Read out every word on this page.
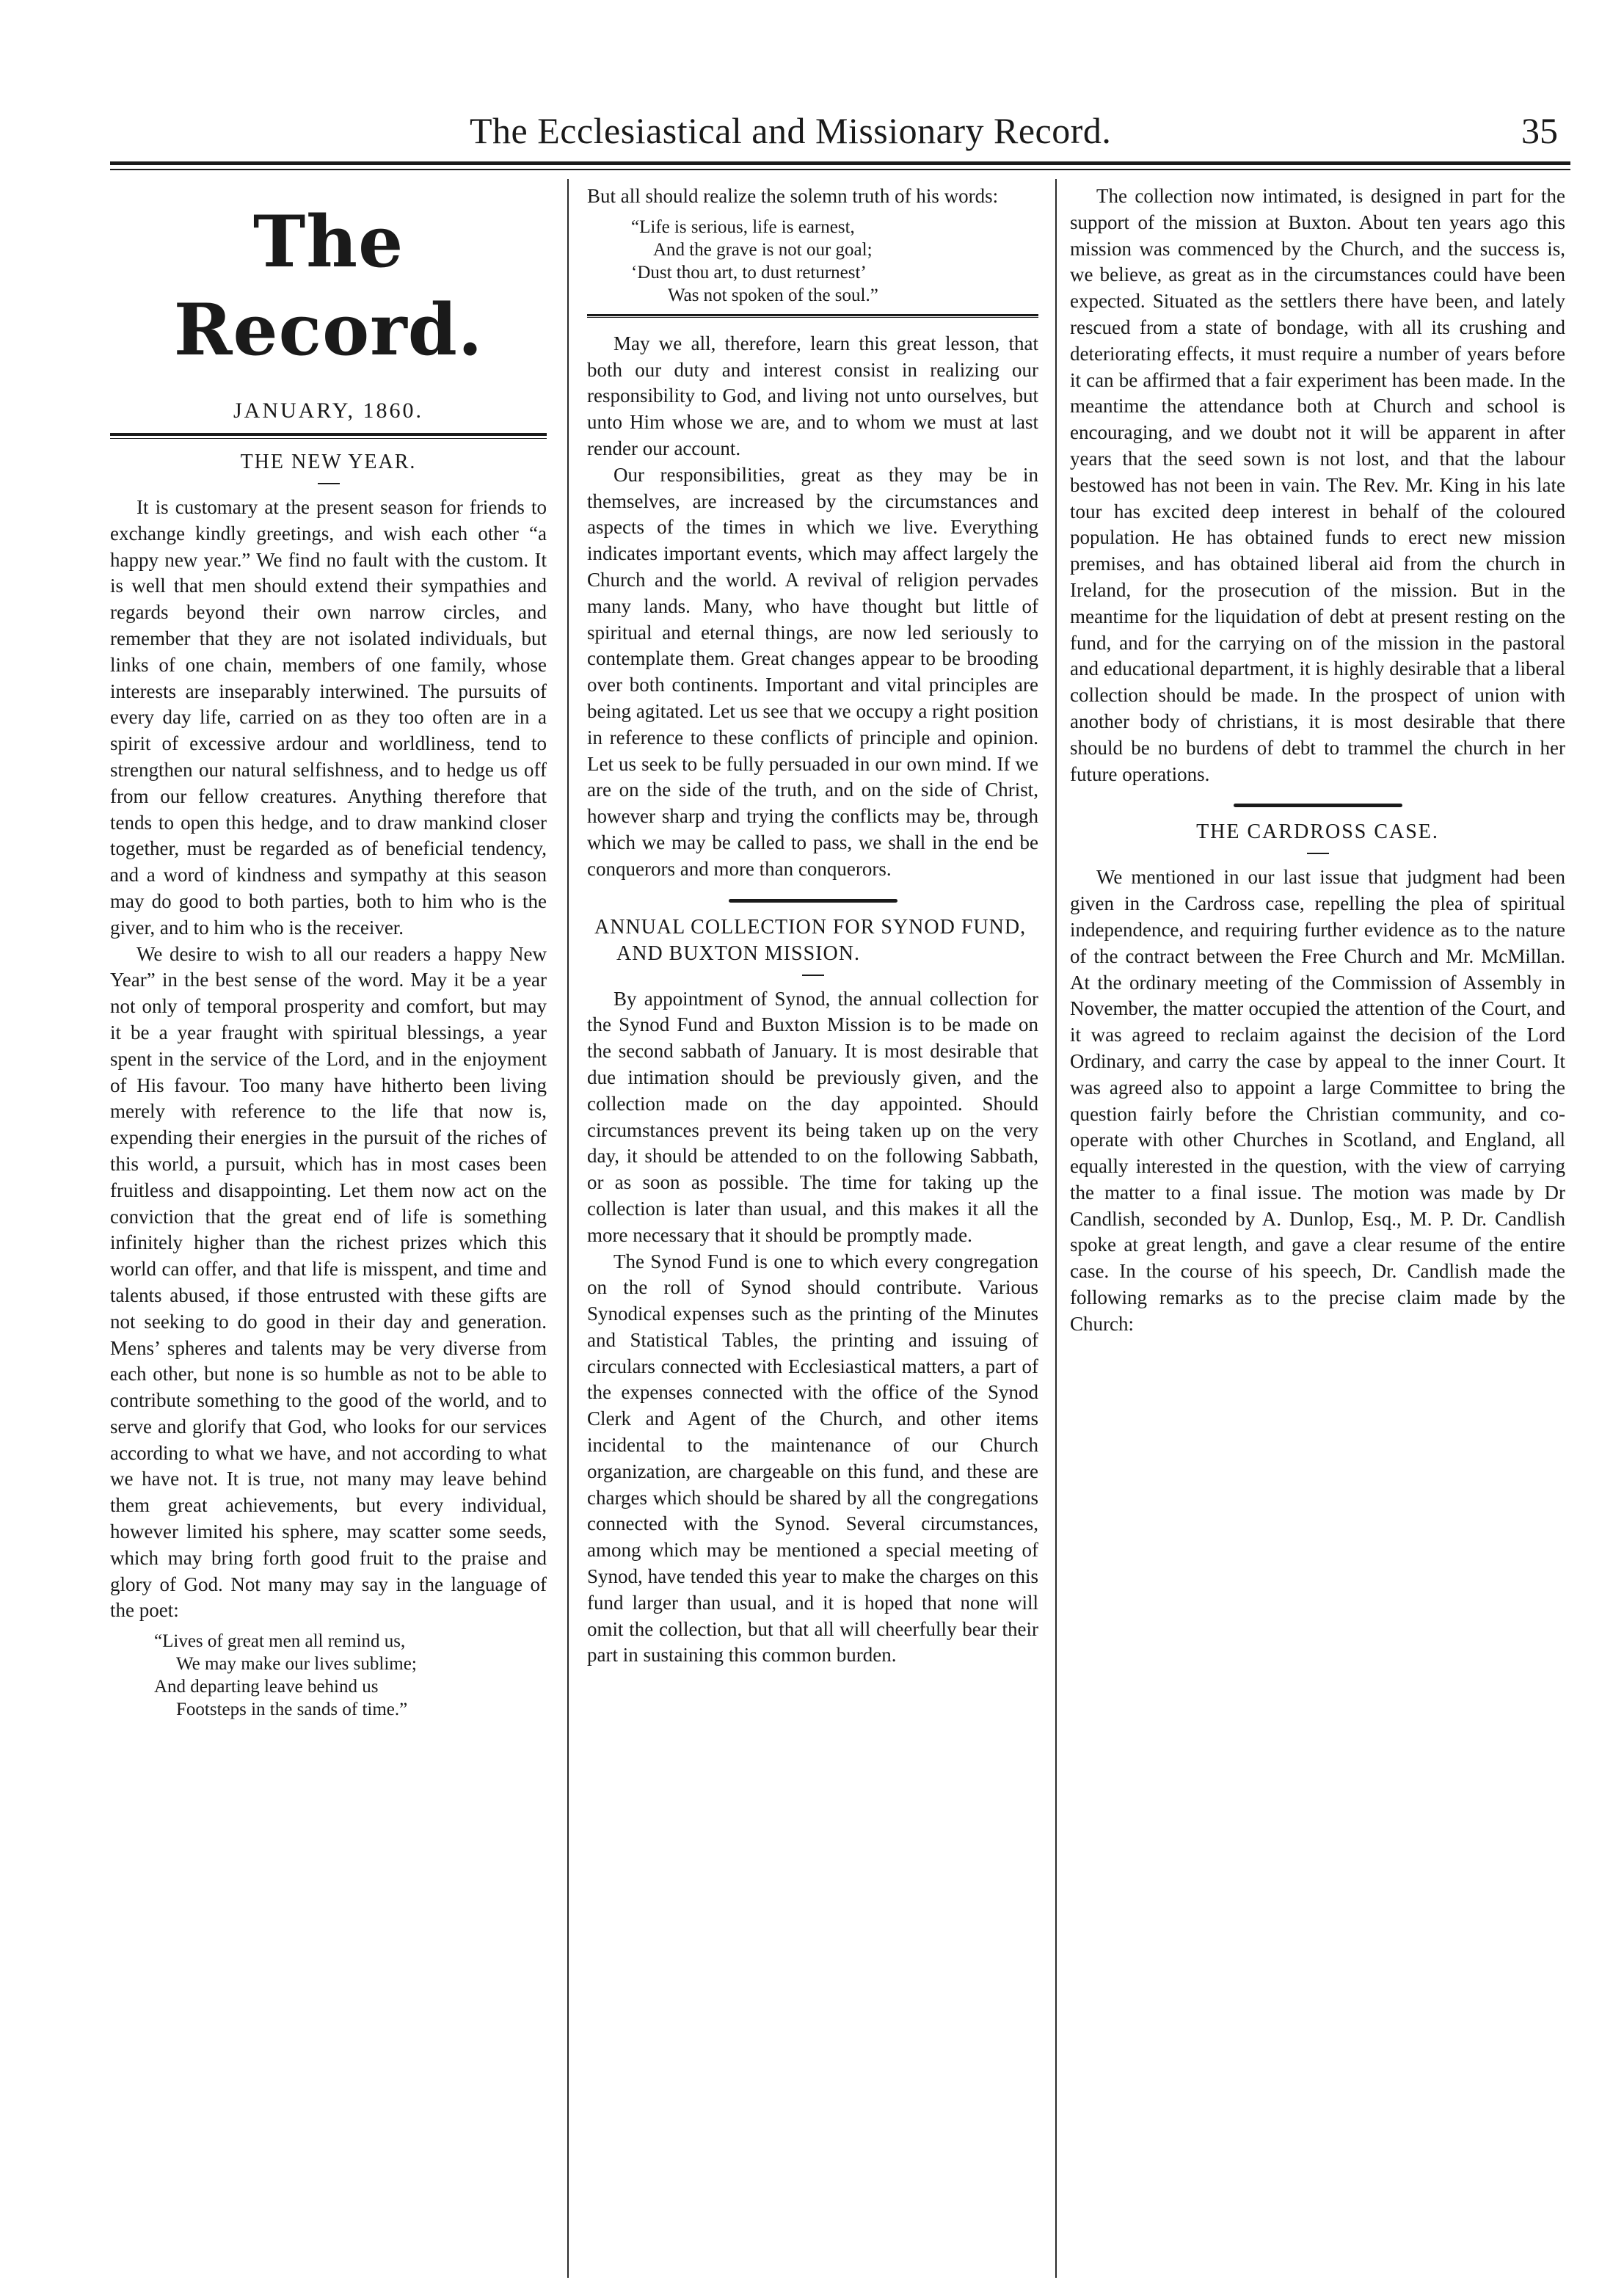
The Ecclesiastical and Missionary Record.	35
The Record.
JANUARY, 1860.
THE NEW YEAR.

It is customary at the present season for friends to exchange kindly greetings, and wish each other “a happy new year.” We find no fault with the custom. It is well that men should extend their sympathies and regards beyond their own narrow circles, and remember that they are not isolated individuals, but links of one chain, members of one family, whose interests are inseparably interwined. The pursuits of every day life, carried on as they too often are in a spirit of excessive ardour and worldliness, tend to strengthen our natural selfishness, and to hedge us off from our fellow creatures. Anything therefore that tends to open this hedge, and to draw mankind closer together, must be regarded as of beneficial tendency, and a word of kindness and sympathy at this season may do good to both parties, both to him who is the giver, and to him who is the receiver.

We desire to wish to all our readers a happy New Year” in the best sense of the word. May it be a year not only of temporal prosperity and comfort, but may it be a year fraught with spiritual blessings, a year spent in the service of the Lord, and in the enjoyment of His favour. Too many have hitherto been living merely with reference to the life that now is, expending their energies in the pursuit of the riches of this world, a pursuit, which has in most cases been fruitless and disappointing. Let them now act on the conviction that the great end of life is something infinitely higher than the richest prizes which this world can offer, and that life is misspent, and time and talents abused, if those entrusted with these gifts are not seeking to do good in their day and generation. Mens’ spheres and talents may be very diverse from each other, but none is so humble as not to be able to contribute something to the good of the world, and to serve and glorify that God, who looks for our services according to what we have, and not according to what we have not. It is true, not many may leave behind them great achievements, but every individual, however limited his sphere, may scatter some seeds, which may bring forth good fruit to the praise and glory of God. Not many may say in the language of the poet:

“Lives of great men all remind us,
We may make our lives sublime;
And departing leave behind us
Footsteps in the sands of time.”

But all should realize the solemn truth of his words:

“Life is serious, life is earnest,
And the grave is not our goal;
‘Dust thou art, to dust returnest’
Was not spoken of the soul.”

May we all, therefore, learn this great lesson, that both our duty and interest consist in realizing our responsibility to God, and living not unto ourselves, but unto Him whose we are, and to whom we must at last render our account.

Our responsibilities, great as they may be in themselves, are increased by the circumstances and aspects of the times in which we live. Everything indicates important events, which may affect largely the Church and the world. A revival of religion pervades many lands. Many, who have thought but little of spiritual and eternal things, are now led seriously to contemplate them. Great changes appear to be brooding over both continents. Important and vital principles are being agitated. Let us see that we occupy a right position in reference to these conflicts of principle and opinion. Let us seek to be fully persuaded in our own mind. If we are on the side of the truth, and on the side of Christ, however sharp and trying the conflicts may be, through which we may be called to pass, we shall in the end be conquerors and more than conquerors.

ANNUAL COLLECTION FOR SYNOD FUND, AND BUXTON MISSION.

By appointment of Synod, the annual collection for the Synod Fund and Buxton Mission is to be made on the second sabbath of January. It is most desirable that due intimation should be previously given, and the collection made on the day appointed. Should circumstances prevent its being taken up on the very day, it should be attended to on the following Sabbath, or as soon as possible. The time for taking up the collection is later than usual, and this makes it all the more necessary that it should be promptly made.

The Synod Fund is one to which every congregation on the roll of Synod should contribute. Various Synodical expenses such as the printing of the Minutes and Statistical Tables, the printing and issuing of circulars connected with Ecclesiastical matters, a part of the expenses connected with the office of the Synod Clerk and Agent of the Church, and other items incidental to the maintenance of our Church organization, are chargeable on this fund, and these are charges which should be shared by all the congregations connected with the Synod. Several circumstances, among which may be mentioned a special meeting of Synod, have tended this year to make the charges on this fund larger than usual, and it is hoped that none will omit the collection, but that all will cheerfully bear their part in sustaining this common burden.

The collection now intimated, is designed in part for the support of the mission at Buxton. About ten years ago this mission was commenced by the Church, and the success is, we believe, as great as in the circumstances could have been expected. Situated as the settlers there have been, and lately rescued from a state of bondage, with all its crushing and deteriorating effects, it must require a number of years before it can be affirmed that a fair experiment has been made. In the meantime the attendance both at Church and school is encouraging, and we doubt not it will be apparent in after years that the seed sown is not lost, and that the labour bestowed has not been in vain. The Rev. Mr. King in his late tour has excited deep interest in behalf of the coloured population. He has obtained funds to erect new mission premises, and has obtained liberal aid from the church in Ireland, for the prosecution of the mission. But in the meantime for the liquidation of debt at present resting on the fund, and for the carrying on of the mission in the pastoral and educational department, it is highly desirable that a liberal collection should be made. In the prospect of union with another body of christians, it is most desirable that there should be no burdens of debt to trammel the church in her future operations.

THE CARDROSS CASE.

We mentioned in our last issue that judgment had been given in the Cardross case, repelling the plea of spiritual independence, and requiring further evidence as to the nature of the contract between the Free Church and Mr. McMillan. At the ordinary meeting of the Commission of Assembly in November, the matter occupied the attention of the Court, and it was agreed to reclaim against the decision of the Lord Ordinary, and carry the case by appeal to the inner Court. It was agreed also to appoint a large Committee to bring the question fairly before the Christian community, and co-operate with other Churches in Scotland, and England, all equally interested in the question, with the view of carrying the matter to a final issue. The motion was made by Dr Candlish, seconded by A. Dunlop, Esq., M. P. Dr. Candlish spoke at great length, and gave a clear resume of the entire case. In the course of his speech, Dr. Candlish made the following remarks as to the precise claim made by the Church:
